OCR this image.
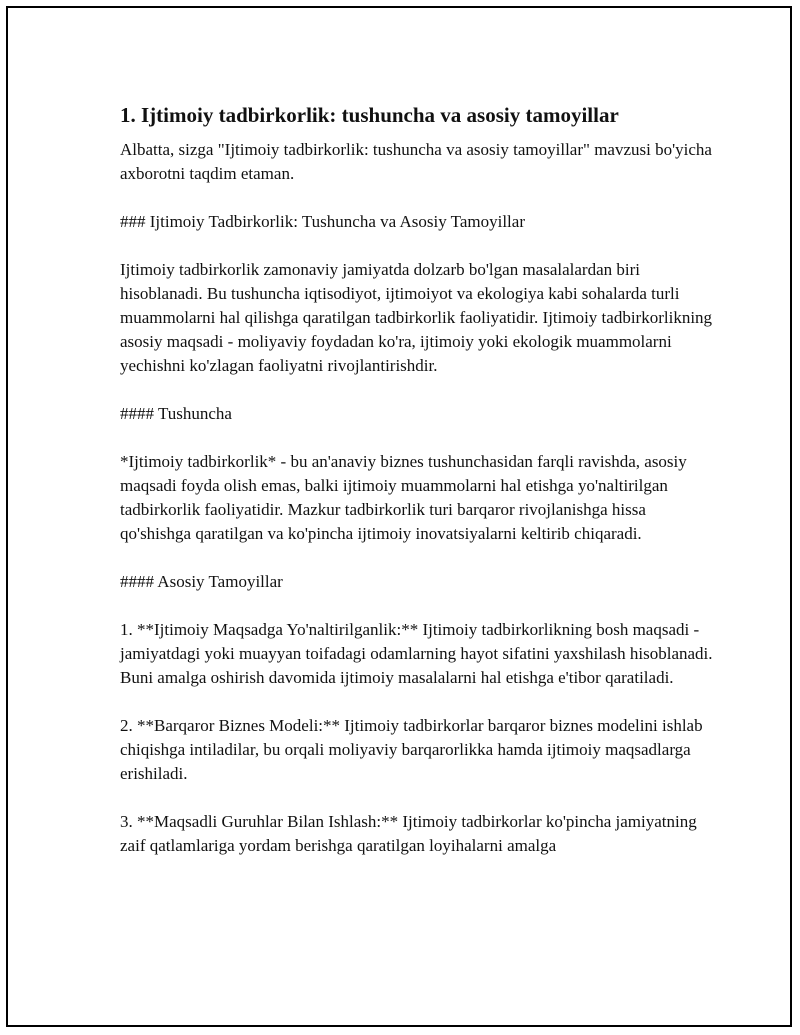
1. Ijtimoiy tadbirkorlik: tushuncha va asosiy tamoyillar

Albatta, sizga "Ijtimoiy tadbirkorlik: tushuncha va asosiy tamoyillar" mavzusi bo'yicha axborotni taqdim etaman.

### Ijtimoiy Tadbirkorlik: Tushuncha va Asosiy Tamoyillar

Ijtimoiy tadbirkorlik zamonaviy jamiyatda dolzarb bo'lgan masalalardan biri hisoblanadi. Bu tushuncha iqtisodiyot, ijtimoiyot va ekologiya kabi sohalarda turli muammolarni hal qilishga qaratilgan tadbirkorlik faoliyatidir. Ijtimoiy tadbirkorlikning asosiy maqsadi - moliyaviy foydadan ko'ra, ijtimoiy yoki ekologik muammolarni yechishni ko'zlagan faoliyatni rivojlantirishdir.

#### Tushuncha

*Ijtimoiy tadbirkorlik* - bu an'anaviy biznes tushunchasidan farqli ravishda, asosiy maqsadi foyda olish emas, balki ijtimoiy muammolarni hal etishga yo'naltirilgan tadbirkorlik faoliyatidir. Mazkur tadbirkorlik turi barqaror rivojlanishga hissa qo'shishga qaratilgan va ko'pincha ijtimoiy inovatsiyalarni keltirib chiqaradi.

#### Asosiy Tamoyillar

1. **Ijtimoiy Maqsadga Yo'naltirilganlik:** Ijtimoiy tadbirkorlikning bosh maqsadi - jamiyatdagi yoki muayyan toifadagi odamlarning hayot sifatini yaxshilash hisoblanadi. Buni amalga oshirish davomida ijtimoiy masalalarni hal etishga e'tibor qaratiladi.

2. **Barqaror Biznes Modeli:** Ijtimoiy tadbirkorlar barqaror biznes modelini ishlab chiqishga intiladilar, bu orqali moliyaviy barqarorlikka hamda ijtimoiy maqsadlarga erishiladi.

3. **Maqsadli Guruhlar Bilan Ishlash:** Ijtimoiy tadbirkorlar ko'pincha jamiyatning zaif qatlamlariga yordam berishga qaratilgan loyihalarni amalga
